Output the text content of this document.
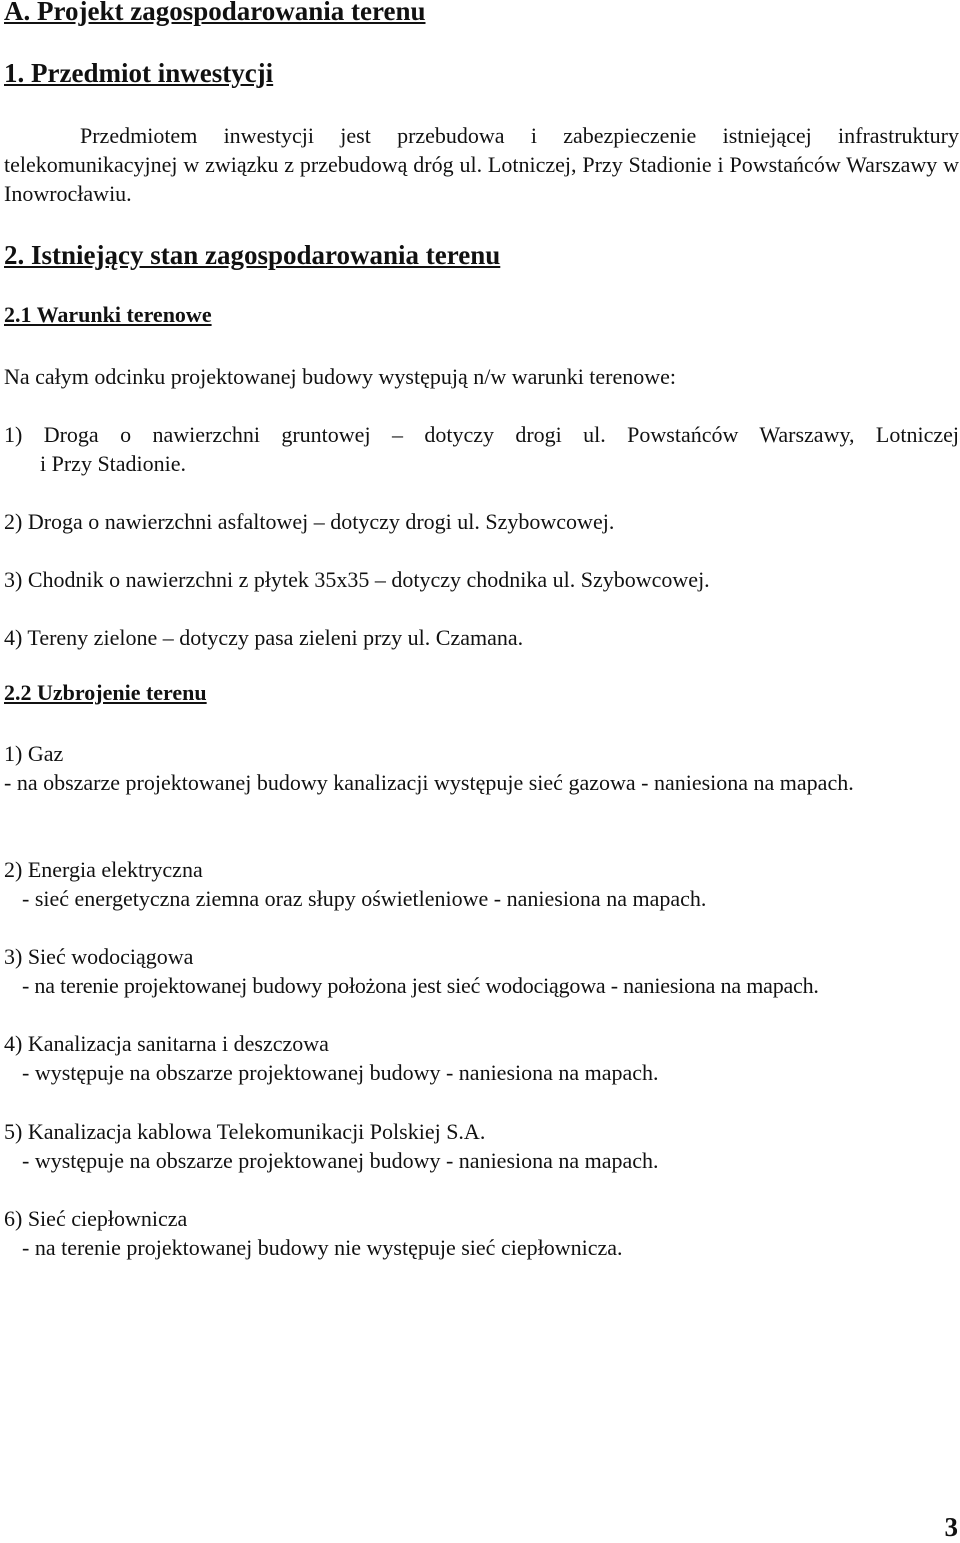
A. Projekt zagospodarowania terenu
1. Przedmiot inwestycji
Przedmiotem inwestycji jest przebudowa i zabezpieczenie istniejącej infrastruktury telekomunikacyjnej w związku z przebudową dróg ul. Lotniczej, Przy Stadionie i Powstańców Warszawy w Inowrocławiu.
2. Istniejący stan zagospodarowania terenu
2.1 Warunki terenowe
Na całym odcinku projektowanej budowy występują n/w warunki terenowe:
1) Droga o nawierzchni gruntowej – dotyczy drogi ul. Powstańców Warszawy, Lotniczej
i Przy Stadionie.
2) Droga o nawierzchni asfaltowej – dotyczy drogi ul. Szybowcowej.
3) Chodnik o nawierzchni z płytek 35x35 – dotyczy chodnika ul. Szybowcowej.
4) Tereny zielone – dotyczy pasa zieleni przy ul. Czamana.
2.2 Uzbrojenie terenu
1) Gaz
- na obszarze projektowanej budowy kanalizacji występuje sieć gazowa - naniesiona na mapach.
2) Energia elektryczna
- sieć energetyczna ziemna oraz słupy oświetleniowe - naniesiona na mapach.
3) Sieć wodociągowa
- na terenie projektowanej budowy położona jest sieć wodociągowa - naniesiona na mapach.
4) Kanalizacja sanitarna i deszczowa
- występuje na obszarze projektowanej budowy - naniesiona na mapach.
5) Kanalizacja kablowa Telekomunikacji Polskiej S.A.
- występuje na obszarze projektowanej budowy - naniesiona na mapach.
6) Sieć ciepłownicza
- na terenie projektowanej budowy nie występuje sieć ciepłownicza.
3
